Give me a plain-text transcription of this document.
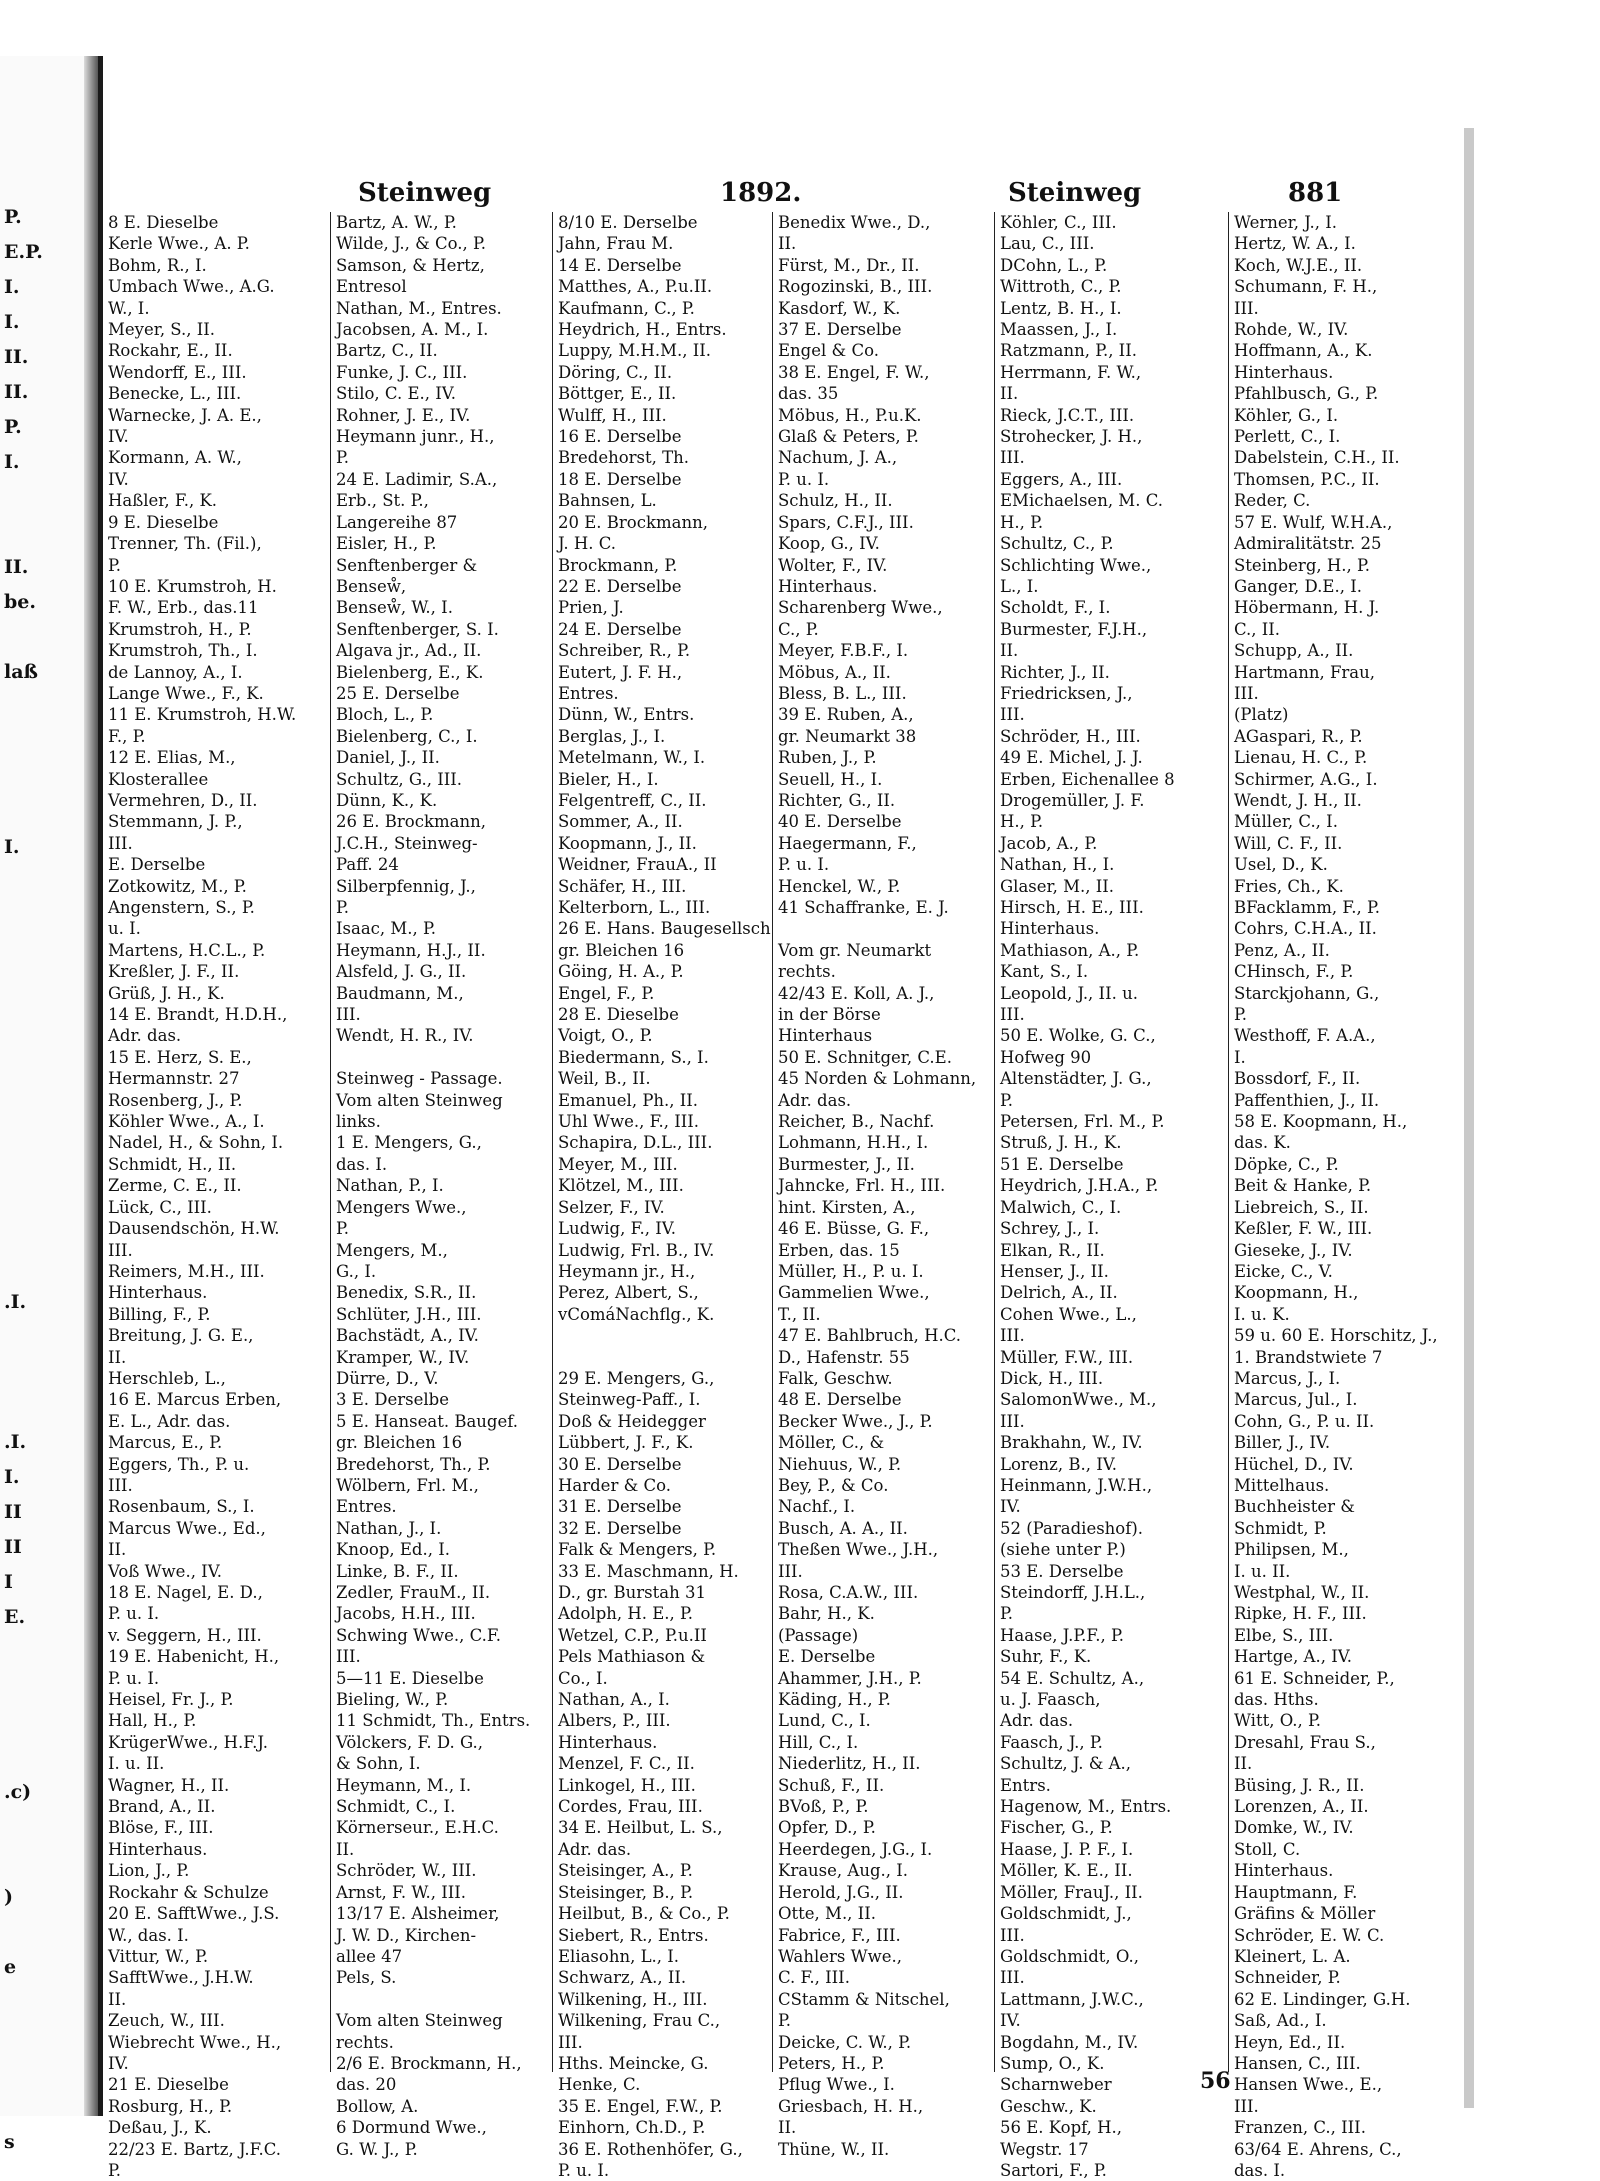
P.
E.P.
I.
I.
II.
II.
P.
I.
II.
be.
laß
I.
.I.
.I.
I.
II
II
I
E.
.c)
)
e
s
Steinweg	1892.	Steinweg	881
8 E. Dieselbe
Kerle Wwe., A. P.
Bohm, R., I.
Umbach Wwe., A.G.
W., I.
Meyer, S., II.
Rockahr, E., II.
Wendorff, E., III.
Benecke, L., III.
Warnecke, J. A. E.,
IV.
Kormann, A. W.,
IV.
Haßler, F., K.
9 E. Dieselbe
Trenner, Th. (Fil.),
P.
10 E. Krumstroh, H.
F. W., Erb., das.11
Krumstroh, H., P.
Krumstroh, Th., I.
de Lannoy, A., I.
Lange Wwe., F., K.
11 E. Krumstroh, H.W.
F., P.
12 E. Elias, M.,
Klosterallee
Vermehren, D., II.
Stemmann, J. P.,
III.
E. Derselbe
Zotkowitz, M., P.
Angenstern, S., P.
u. I.
Martens, H.C.L., P.
Kreßler, J. F., II.
Grüß, J. H., K.
14 E. Brandt, H.D.H.,
Adr. das.
15 E. Herz, S. E.,
Hermannstr. 27
Rosenberg, J., P.
Köhler Wwe., A., I.
Nadel, H., & Sohn, I.
Schmidt, H., II.
Zerme, C. E., II.
Lück, C., III.
Dausendschön, H.W.
III.
Reimers, M.H., III.
Hinterhaus.
Billing, F., P.
Breitung, J. G. E.,
II.
Herschleb, L.,
16 E. Marcus Erben,
E. L., Adr. das.
Marcus, E., P.
Eggers, Th., P. u.
III.
Rosenbaum, S., I.
Marcus Wwe., Ed.,
II.
Voß Wwe., IV.
18 E. Nagel, E. D.,
P. u. I.
v. Seggern, H., III.
19 E. Habenicht, H.,
P. u. I.
Heisel, Fr. J., P.
Hall, H., P.
KrügerWwe., H.F.J.
I. u. II.
Wagner, H., II.
Brand, A., II.
Blöse, F., III.
Hinterhaus.
Lion, J., P.
Rockahr & Schulze
20 E. SafftWwe., J.S.
W., das. I.
Vittur, W., P.
SafftWwe., J.H.W.
II.
Zeuch, W., III.
Wiebrecht Wwe., H.,
IV.
21 E. Dieselbe
Rosburg, H., P.
Deßau, J., K.
22/23 E. Bartz, J.F.C.
P.
Bartz, A. W., P.
Wilde, J., & Co., P.
Samson, & Hertz,
Entresol
Nathan, M., Entres.
Jacobsen, A. M., I.
Bartz, C., II.
Funke, J. C., III.
Stilo, C. E., IV.
Rohner, J. E., IV.
Heymann junr., H.,
P.
24 E. Ladimir, S.A.,
Erb., St. P.,
Langereihe 87
Eisler, H., P.
Senftenberger &
Benseẘ,
Benseẘ, W., I.
Senftenberger, S. I.
Algava jr., Ad., II.
Bielenberg, E., K.
25 E. Derselbe
Bloch, L., P.
Bielenberg, C., I.
Daniel, J., II.
Schultz, G., III.
Dünn, K., K.
26 E. Brockmann,
J.C.H., Steinweg-
Paff. 24
Silberpfennig, J.,
P.
Isaac, M., P.
Heymann, H.J., II.
Alsfeld, J. G., II.
Baudmann, M.,
III.
Wendt, H. R., IV.

Steinweg - Passage.
Vom alten Steinweg
links.
1 E. Mengers, G.,
das. I.
Nathan, P., I.
Mengers Wwe.,
P.
Mengers, M.,
G., I.
Benedix, S.R., II.
Schlüter, J.H., III.
Bachstädt, A., IV.
Kramper, W., IV.
Dürre, D., V.
3 E. Derselbe
5 E. Hanseat. Baugef.
gr. Bleichen 16
Bredehorst, Th., P.
Wölbern, Frl. M.,
Entres.
Nathan, J., I.
Knoop, Ed., I.
Linke, B. F., II.
Zedler, FrauM., II.
Jacobs, H.H., III.
Schwing Wwe., C.F.
III.
5—11 E. Dieselbe
Bieling, W., P.
11 Schmidt, Th., Entrs.
Völckers, F. D. G.,
& Sohn, I.
Heymann, M., I.
Schmidt, C., I.
Körnerseur., E.H.C.
II.
Schröder, W., III.
Arnst, F. W., III.
13/17 E. Alsheimer,
J. W. D., Kirchen-
allee 47
Pels, S.

Vom alten Steinweg
rechts.
2/6 E. Brockmann, H.,
das. 20
Bollow, A.
6 Dormund Wwe.,
G. W. J., P.
8/10 E. Derselbe
Jahn, Frau M.
14 E. Derselbe
Matthes, A., P.u.II.
Kaufmann, C., P.
Heydrich, H., Entrs.
Luppy, M.H.M., II.
Döring, C., II.
Böttger, E., II.
Wulff, H., III.
16 E. Derselbe
Bredehorst, Th.
18 E. Derselbe
Bahnsen, L.
20 E. Brockmann,
J. H. C.
Brockmann, P.
22 E. Derselbe
Prien, J.
24 E. Derselbe
Schreiber, R., P.
Eutert, J. F. H.,
Entres.
Dünn, W., Entrs.
Berglas, J., I.
Metelmann, W., I.
Bieler, H., I.
Felgentreff, C., II.
Sommer, A., II.
Koopmann, J., II.
Weidner, FrauA., II
Schäfer, H., III.
Kelterborn, L., III.
26 E. Hans. Baugesellsch
gr. Bleichen 16
Göing, H. A., P.
Engel, F., P.
28 E. Dieselbe
Voigt, O., P.
Biedermann, S., I.
Weil, B., II.
Emanuel, Ph., II.
Uhl Wwe., F., III.
Schapira, D.L., III.
Meyer, M., III.
Klötzel, M., III.
Selzer, F., IV.
Ludwig, F., IV.
Ludwig, Frl. B., IV.
Heymann jr., H.,
Perez, Albert, S.,
vComáNachflg., K.

29 E. Mengers, G.,
Steinweg-Paff., I.
Doß & Heidegger
Lübbert, J. F., K.
30 E. Derselbe
Harder & Co.
31 E. Derselbe
32 E. Derselbe
Falk & Mengers, P.
33 E. Maschmann, H.
D., gr. Burstah 31
Adolph, H. E., P.
Wetzel, C.P., P.u.II
Pels Mathiason &
Co., I.
Nathan, A., I.
Albers, P., III.
Hinterhaus.
Menzel, F. C., II.
Linkogel, H., III.
Cordes, Frau, III.
34 E. Heilbut, L. S.,
Adr. das.
Steisinger, A., P.
Steisinger, B., P.
Heilbut, B., & Co., P.
Siebert, R., Entrs.
Eliasohn, L., I.
Schwarz, A., II.
Wilkening, H., III.
Wilkening, Frau C.,
III.
Hths. Meincke, G.
Henke, C.
35 E. Engel, F.W., P.
Einhorn, Ch.D., P.
36 E. Rothenhöfer, G.,
P. u. I.
Benedix Wwe., D.,
II.
Fürst, M., Dr., II.
Rogozinski, B., III.
Kasdorf, W., K.
37 E. Derselbe
Engel & Co.
38 E. Engel, F. W.,
das. 35
Möbus, H., P.u.K.
Glaß & Peters, P.
Nachum, J. A.,
P. u. I.
Schulz, H., II.
Spars, C.F.J., III.
Koop, G., IV.
Wolter, F., IV.
Hinterhaus.
Scharenberg Wwe.,
C., P.
Meyer, F.B.F., I.
Möbus, A., II.
Bless, B. L., III.
39 E. Ruben, A.,
gr. Neumarkt 38
Ruben, J., P.
Seuell, H., I.
Richter, G., II.
40 E. Derselbe
Haegermann, F.,
P. u. I.
Henckel, W., P.
41 Schaffranke, E. J.

Vom gr. Neumarkt
rechts.
42/43 E. Koll, A. J.,
in der Börse
Hinterhaus
50 E. Schnitger, C.E.
45 Norden & Lohmann,
Adr. das.
Reicher, B., Nachf.
Lohmann, H.H., I.
Burmester, J., II.
Jahncke, Frl. H., III.
hint. Kirsten, A.,
46 E. Büsse, G. F.,
Erben, das. 15
Müller, H., P. u. I.
Gammelien Wwe.,
T., II.
47 E. Bahlbruch, H.C.
D., Hafenstr. 55
Falk, Geschw.
48 E. Derselbe
Becker Wwe., J., P.
Möller, C., &
Niehuus, W., P.
Bey, P., & Co.
Nachf., I.
Busch, A. A., II.
Theßen Wwe., J.H.,
III.
Rosa, C.A.W., III.
Bahr, H., K.
(Passage)
E. Derselbe
Ahammer, J.H., P.
Käding, H., P.
Lund, C., I.
Hill, C., I.
Niederlitz, H., II.
Schuß, F., II.
BVoß, P., P.
Opfer, D., P.
Heerdegen, J.G., I.
Krause, Aug., I.
Herold, J.G., II.
Otte, M., II.
Fabrice, F., III.
Wahlers Wwe.,
C. F., III.
CStamm & Nitschel,
P.
Deicke, C. W., P.
Peters, H., P.
Pflug Wwe., I.
Griesbach, H. H.,
II.
Thüne, W., II.
Köhler, C., III.
Lau, C., III.
DCohn, L., P.
Wittroth, C., P.
Lentz, B. H., I.
Maassen, J., I.
Ratzmann, P., II.
Herrmann, F. W.,
II.
Rieck, J.C.T., III.
Strohecker, J. H.,
III.
Eggers, A., III.
EMichaelsen, M. C.
H., P.
Schultz, C., P.
Schlichting Wwe.,
L., I.
Scholdt, F., I.
Burmester, F.J.H.,
II.
Richter, J., II.
Friedricksen, J.,
III.
Schröder, H., III.
49 E. Michel, J. J.
Erben, Eichenallee 8
Drogemüller, J. F.
H., P.
Jacob, A., P.
Nathan, H., I.
Glaser, M., II.
Hirsch, H. E., III.
Hinterhaus.
Mathiason, A., P.
Kant, S., I.
Leopold, J., II. u.
III.
50 E. Wolke, G. C.,
Hofweg 90
Altenstädter, J. G.,
P.
Petersen, Frl. M., P.
Struß, J. H., K.
51 E. Derselbe
Heydrich, J.H.A., P.
Malwich, C., I.
Schrey, J., I.
Elkan, R., II.
Henser, J., II.
Delrich, A., II.
Cohen Wwe., L.,
III.
Müller, F.W., III.
Dick, H., III.
SalomonWwe., M.,
III.
Brakhahn, W., IV.
Lorenz, B., IV.
Heinmann, J.W.H.,
IV.
52 (Paradieshof).
(siehe unter P.)
53 E. Derselbe
Steindorff, J.H.L.,
P.
Haase, J.P.F., P.
Suhr, F., K.
54 E. Schultz, A.,
u. J. Faasch,
Adr. das.
Faasch, J., P.
Schultz, J. & A.,
Entrs.
Hagenow, M., Entrs.
Fischer, G., P.
Haase, J. P. F., I.
Möller, K. E., II.
Möller, FrauJ., II.
Goldschmidt, J.,
III.
Goldschmidt, O.,
III.
Lattmann, J.W.C.,
IV.
Bogdahn, M., IV.
Sump, O., K.
Scharnweber
Geschw., K.
56 E. Kopf, H.,
Wegstr. 17
Sartori, F., P.
Werner, J., I.
Hertz, W. A., I.
Koch, W.J.E., II.
Schumann, F. H.,
III.
Rohde, W., IV.
Hoffmann, A., K.
Hinterhaus.
Pfahlbusch, G., P.
Köhler, G., I.
Perlett, C., I.
Dabelstein, C.H., II.
Thomsen, P.C., II.
Reder, C.
57 E. Wulf, W.H.A.,
Admiralitätstr. 25
Steinberg, H., P.
Ganger, D.E., I.
Höbermann, H. J.
C., II.
Schupp, A., II.
Hartmann, Frau,
III.
(Platz)
AGaspari, R., P.
Lienau, H. C., P.
Schirmer, A.G., I.
Wendt, J. H., II.
Müller, C., I.
Will, C. F., II.
Usel, D., K.
Fries, Ch., K.
BFacklamm, F., P.
Cohrs, C.H.A., II.
Penz, A., II.
CHinsch, F., P.
Starckjohann, G.,
P.
Westhoff, F. A.A.,
I.
Bossdorf, F., II.
Paffenthien, J., II.
58 E. Koopmann, H.,
das. K.
Döpke, C., P.
Beit & Hanke, P.
Liebreich, S., II.
Keßler, F. W., III.
Gieseke, J., IV.
Eicke, C., V.
Koopmann, H.,
I. u. K.
59 u. 60 E. Horschitz, J.,
1. Brandstwiete 7
Marcus, J., I.
Marcus, Jul., I.
Cohn, G., P. u. II.
Biller, J., IV.
Hüchel, D., IV.
Mittelhaus.
Buchheister &
Schmidt, P.
Philipsen, M.,
I. u. II.
Westphal, W., II.
Ripke, H. F., III.
Elbe, S., III.
Hartge, A., IV.
61 E. Schneider, P.,
das. Hths.
Witt, O., P.
Dresahl, Frau S.,
II.
Büsing, J. R., II.
Lorenzen, A., II.
Domke, W., IV.
Stoll, C.
Hinterhaus.
Hauptmann, F.
Gräfins & Möller
Schröder, E. W. C.
Kleinert, L. A.
Schneider, P.
62 E. Lindinger, G.H.
Saß, Ad., I.
Heyn, Ed., II.
Hansen, C., III.
Hansen Wwe., E.,
III.
Franzen, C., III.
63/64 E. Ahrens, C.,
das. I.
56
